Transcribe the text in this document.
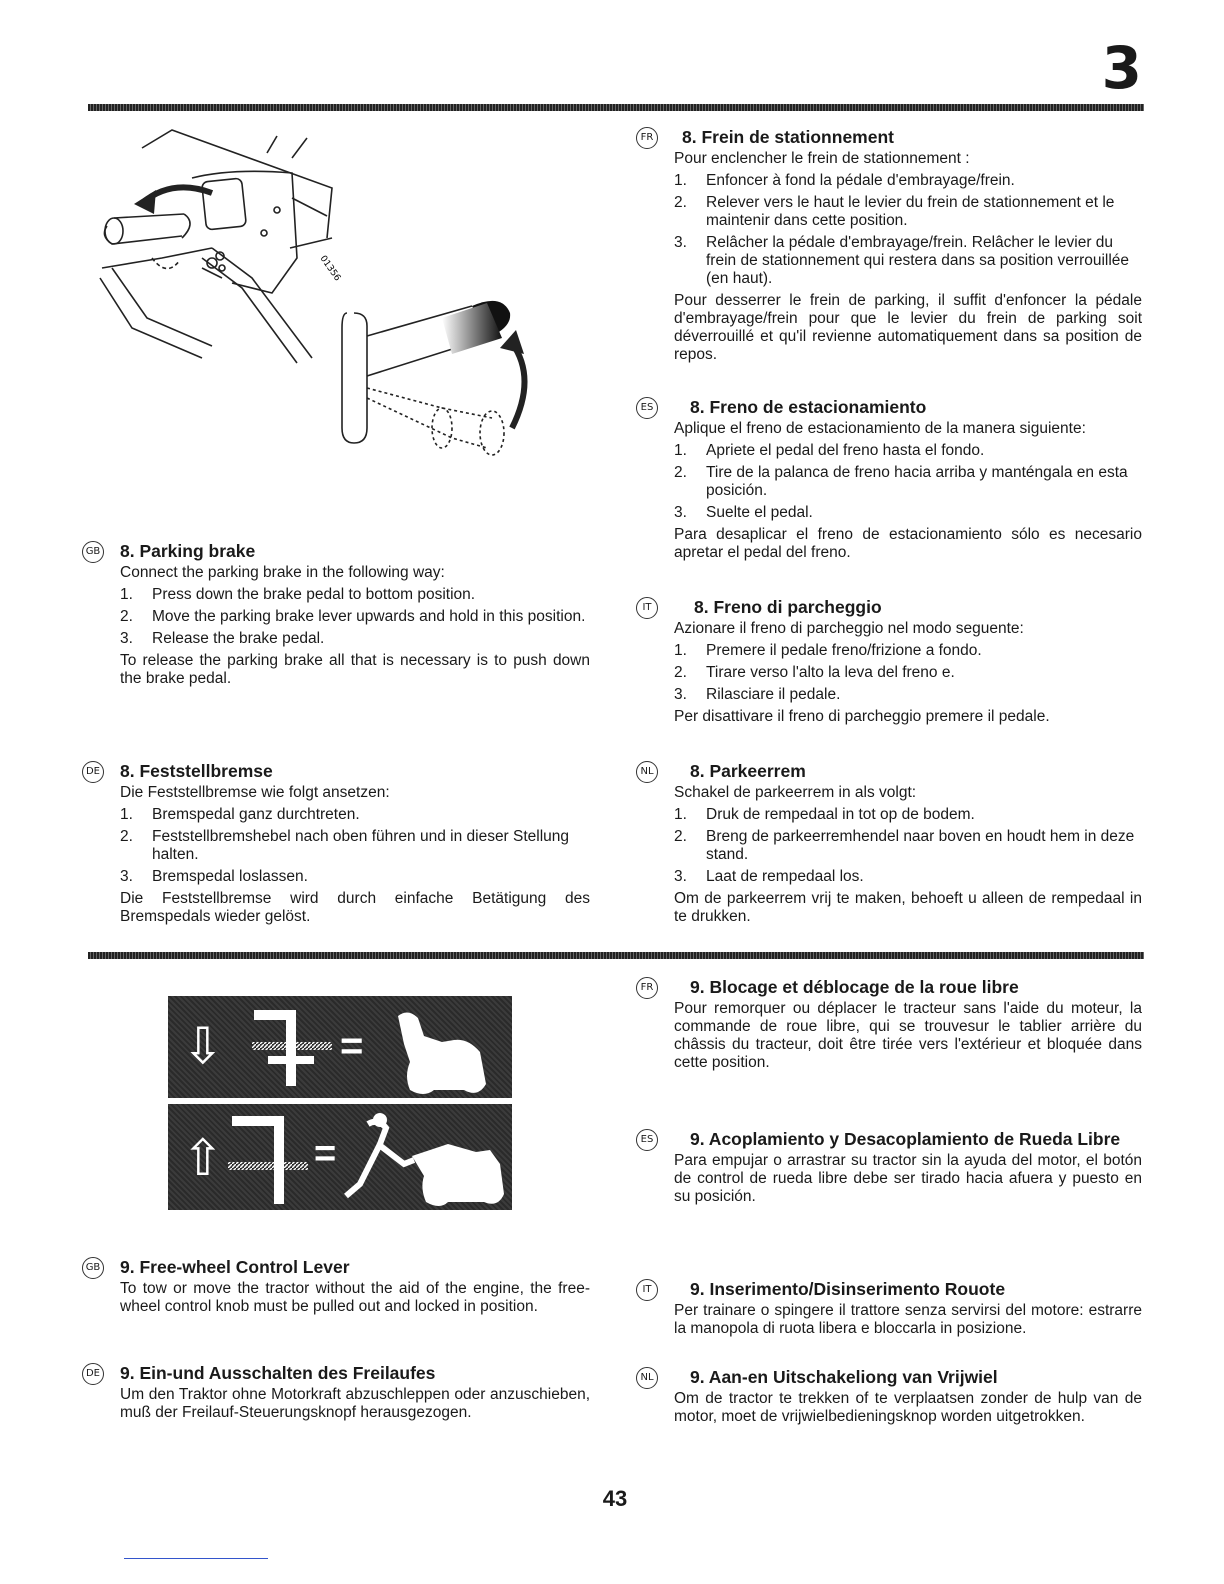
3
01356
GB 8. Parking brake

Connect the parking brake in the following way:

1.	Press down the brake pedal to bottom position.
2.	Move the parking brake lever upwards and hold in this position.
3.	Release the brake pedal.

To release the parking brake all that is necessary is to push down the brake pedal.

DE 8. Feststellbremse

Die Feststellbremse wie folgt ansetzen:

1.	Bremspedal ganz durchtreten.
2.	Feststellbremshebel nach oben führen und in dieser Stellung halten.
3.	Bremspedal loslassen.

Die Feststellbremse wird durch einfache Betätigung des Bremspedals wieder gelöst.

FR 8. Frein de stationnement

Pour enclencher le frein de stationnement :

1.	Enfoncer à fond la pédale d'embrayage/frein.
2.	Relever vers le haut le levier du frein de stationnement et le maintenir dans cette position.
3.	Relâcher la pédale d'embrayage/frein. Relâcher le levier du frein de stationnement qui restera dans sa position verrouillée (en haut).

Pour desserrer le frein de parking, il suffit d'enfoncer la pédale d'embrayage/frein pour que le levier du frein de parking soit déverrouillé et qu'il revienne automatiquement dans sa position de repos.

ES 8. Freno de estacionamiento

Aplique el freno de estacionamiento de la manera siguiente:

1.	Apriete el pedal del freno hasta el fondo.
2.	Tire de la palanca de freno hacia arriba y manténgala en esta posición.
3.	Suelte el pedal.

Para desaplicar el freno de estacionamiento sólo es necesario apretar el pedal del freno.

IT	8. Freno di parcheggio

Azionare il freno di parcheggio nel modo seguente:

1.	Premere il pedale freno/frizione a fondo.
2.	Tirare verso l'alto la leva del freno e.
3.	Rilasciare il pedale.

Per disattivare il freno di parcheggio premere il pedale.

NL 8. Parkeerrem

Schakel de parkeerrem in als volgt:

1.	Druk de rempedaal in tot op de bodem.
2.	Breng de parkeerremhendel naar boven en houdt hem in deze stand.
3.	Laat de rempedaal los.

Om de parkeerrem vrij te maken, behoeft u alleen de rempedaal in te drukken.

⇩	=
⇧ =
FR 9. Blocage et déblocage de la roue libre

Pour remorquer ou déplacer le tracteur sans l'aide du moteur, la commande de roue libre, qui se trouvesur le tablier arrière du châssis du tracteur, doit être tirée vers l'extérieur et bloquée dans cette position.

ES 9. Acoplamiento y Desacoplamiento de Rueda Libre

Para empujar o arrastrar su tractor sin la ayuda del motor, el botón de control de rueda libre debe ser tirado hacia afuera y puesto en su posición.

IT	9. Inserimento/Disinserimento Rouote

Per trainare o spingere il trattore senza servirsi del motore: estrarre la manopola di ruota libera e bloccarla in posizione.

NL 9. Aan-en Uitschakeliong van Vrijwiel

Om de tractor te trekken of te verplaatsen zonder de hulp van de motor, moet de vrijwielbedieningsknop worden uitgetrokken.

GB 9. Free-wheel Control Lever

To tow or move the tractor without the aid of the engine, the free-wheel control knob must be pulled out and locked in position.

DE 9. Ein-und Ausschalten des Freilaufes

Um den Traktor ohne Motorkraft abzuschleppen oder anzuschieben, muß der Freilauf-Steuerungsknopf herausgezogen.

43
